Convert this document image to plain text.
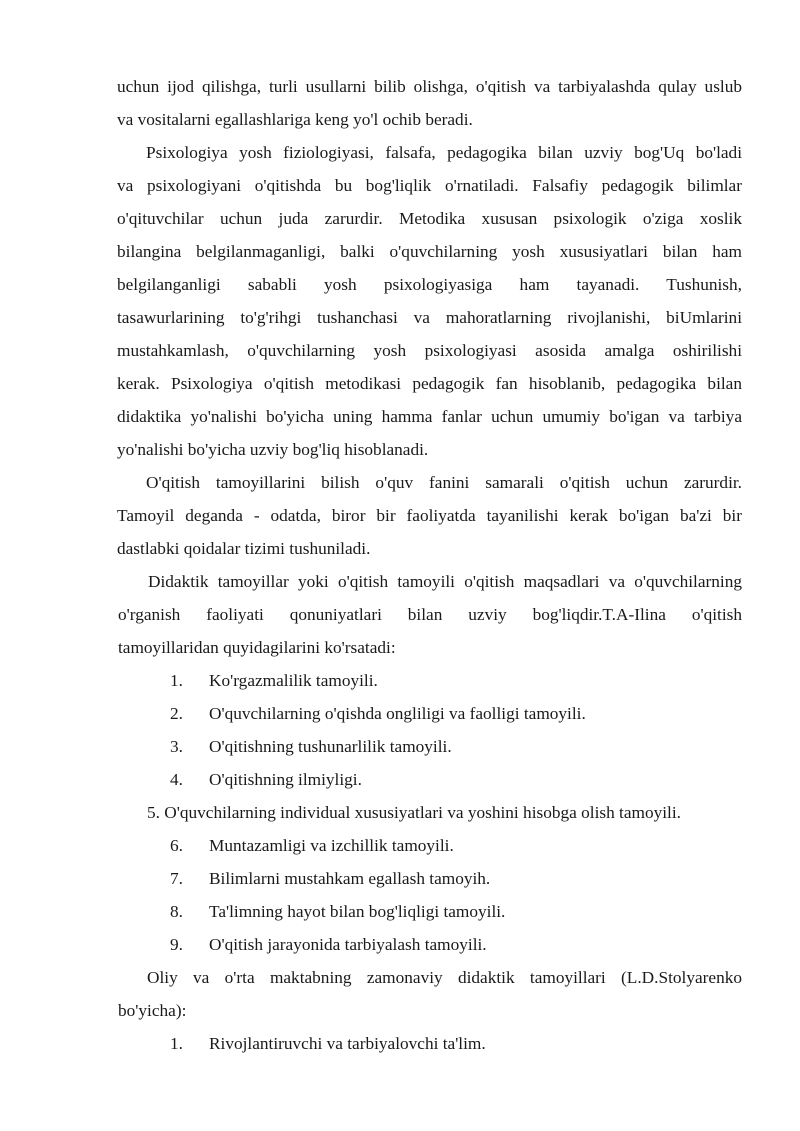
uchun ijod qilishga, turli usullarni bilib olishga, o'qitish va tarbiyalashda qulay uslub
va vositalarni egallashlariga keng yo'l ochib beradi.
Psixologiya yosh fiziologiyasi, falsafa, pedagogika bilan uzviy bog'Uq bo'ladi
va psixologiyani o'qitishda bu bog'liqlik o'rnatiladi. Falsafiy pedagogik bilimlar
o'qituvchilar uchun juda zarurdir. Metodika xususan psixologik o'ziga xoslik
bilangina belgilanmaganligi, balki o'quvchilarning yosh xususiyatlari bilan ham
belgilanganligi sababli yosh psixologiyasiga ham tayanadi. Tushunish,
tasawurlarining to'g'rihgi tushanchasi va mahoratlarning rivojlanishi, biUmlarini
mustahkamlash, o'quvchilarning yosh psixologiyasi asosida amalga oshirilishi
kerak. Psixologiya o'qitish metodikasi pedagogik fan hisoblanib, pedagogika bilan
didaktika yo'nalishi bo'yicha uning hamma fanlar uchun umumiy bo'igan va tarbiya
yo'nalishi bo'yicha uzviy bog'liq hisoblanadi.
O'qitish tamoyillarini bilish o'quv fanini samarali o'qitish uchun zarurdir.
Tamoyil deganda - odatda, biror bir faoliyatda tayanilishi kerak bo'igan ba'zi bir
dastlabki qoidalar tizimi tushuniladi.
Didaktik tamoyillar yoki o'qitish tamoyili o'qitish maqsadlari va o'quvchilarning
o'rganish faoliyati qonuniyatlari bilan uzviy bog'liqdir.T.A-Ilina o'qitish
tamoyillaridan quyidagilarini ko'rsatadi:
1. Ko'rgazmalilik tamoyili.
2. O'quvchilarning o'qishda ongliligi va faolligi tamoyili.
3. O'qitishning tushunarlilik tamoyili.
4. O'qitishning ilmiyligi.
5. O'quvchilarning individual xususiyatlari va yoshini hisobga olish tamoyili.
6. Muntazamligi va izchillik tamoyili.
7. Bilimlarni mustahkam egallash tamoyih.
8. Ta'limning hayot bilan bog'liqligi tamoyili.
9. O'qitish jarayonida tarbiyalash tamoyili.
Oliy va o'rta maktabning zamonaviy didaktik tamoyillari (L.D.Stolyarenko
bo'yicha):
1. Rivojlantiruvchi va tarbiyalovchi ta'lim.
